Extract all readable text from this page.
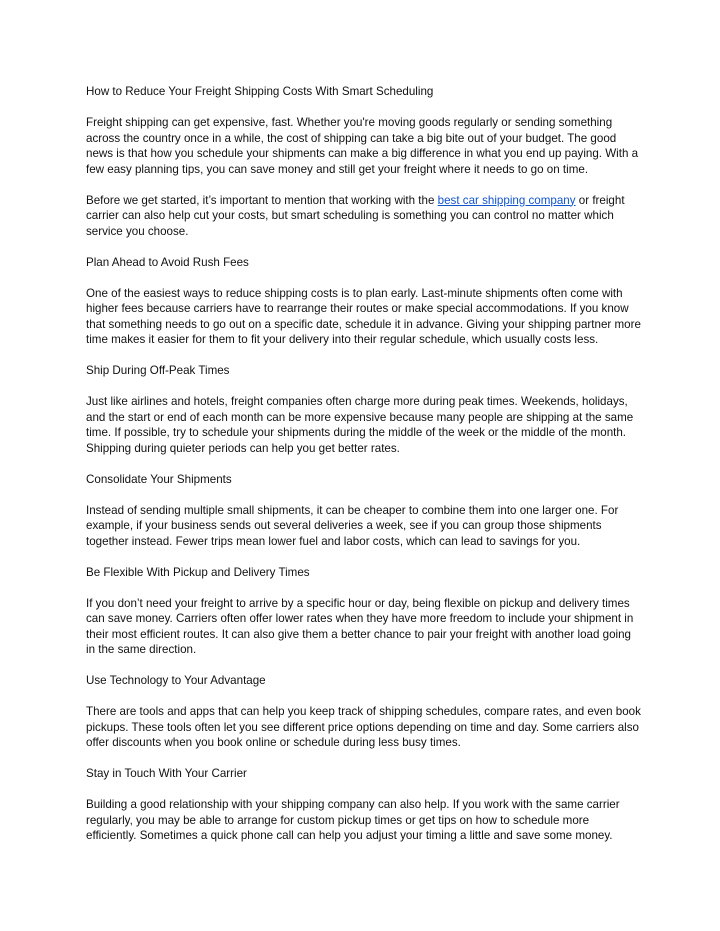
How to Reduce Your Freight Shipping Costs With Smart Scheduling

Freight shipping can get expensive, fast. Whether you're moving goods regularly or sending something across the country once in a while, the cost of shipping can take a big bite out of your budget. The good news is that how you schedule your shipments can make a big difference in what you end up paying. With a few easy planning tips, you can save money and still get your freight where it needs to go on time.

Before we get started, it’s important to mention that working with the best car shipping company or freight carrier can also help cut your costs, but smart scheduling is something you can control no matter which service you choose.

Plan Ahead to Avoid Rush Fees

One of the easiest ways to reduce shipping costs is to plan early. Last-minute shipments often come with higher fees because carriers have to rearrange their routes or make special accommodations. If you know that something needs to go out on a specific date, schedule it in advance. Giving your shipping partner more time makes it easier for them to fit your delivery into their regular schedule, which usually costs less.

Ship During Off-Peak Times

Just like airlines and hotels, freight companies often charge more during peak times. Weekends, holidays, and the start or end of each month can be more expensive because many people are shipping at the same time. If possible, try to schedule your shipments during the middle of the week or the middle of the month. Shipping during quieter periods can help you get better rates.

Consolidate Your Shipments

Instead of sending multiple small shipments, it can be cheaper to combine them into one larger one. For example, if your business sends out several deliveries a week, see if you can group those shipments together instead. Fewer trips mean lower fuel and labor costs, which can lead to savings for you.

Be Flexible With Pickup and Delivery Times

If you don’t need your freight to arrive by a specific hour or day, being flexible on pickup and delivery times can save money. Carriers often offer lower rates when they have more freedom to include your shipment in their most efficient routes. It can also give them a better chance to pair your freight with another load going in the same direction.

Use Technology to Your Advantage

There are tools and apps that can help you keep track of shipping schedules, compare rates, and even book pickups. These tools often let you see different price options depending on time and day. Some carriers also offer discounts when you book online or schedule during less busy times.

Stay in Touch With Your Carrier

Building a good relationship with your shipping company can also help. If you work with the same carrier regularly, you may be able to arrange for custom pickup times or get tips on how to schedule more efficiently. Sometimes a quick phone call can help you adjust your timing a little and save some money.
